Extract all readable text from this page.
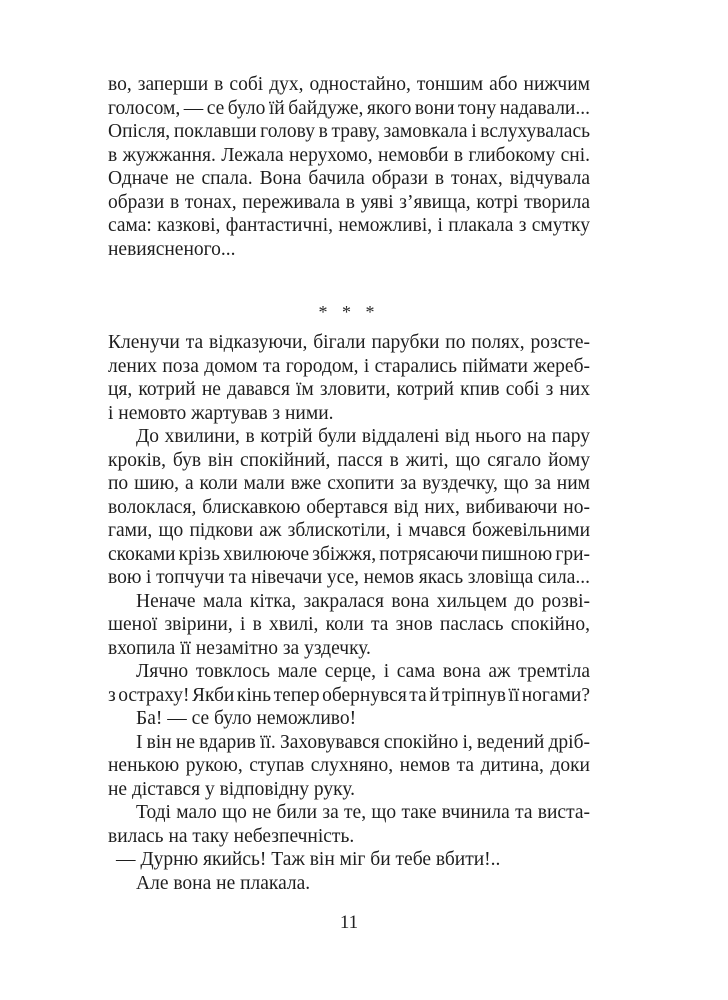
во, заперши в собі дух, одностайно, тоншим або нижчим
голосом, — се було їй байдуже, якого вони тону надавали...
Опісля, поклавши голову в траву, замовкала і вслухувалась
в жужжання. Лежала нерухомо, немовби в глибокому сні.
Одначе не спала. Вона бачила образи в тонах, відчувала
образи в тонах, переживала в уяві з’явища, котрі творила
сама: казкові, фантастичні, неможливі, і плакала з смутку
невиясненого...
* * *
Кленучи та відказуючи, бігали парубки по полях, розсте-
лених поза домом та городом, і старались піймати жереб-
ця, котрий не давався їм зловити, котрий кпив собі з них
і немовто жартував з ними.
До хвилини, в котрій були віддалені від нього на пару
кроків, був він спокійний, пасся в житі, що сягало йому
по шию, а коли мали вже схопити за вуздечку, що за ним
волоклася, блискавкою обертався від них, вибиваючи но-
гами, що підкови аж зблискотіли, і мчався божевільними
скоками крізь хвилююче збіжжя, потрясаючи пишною гри-
вою і топчучи та нівечачи усе, немов якась зловіща сила...
Неначе мала кітка, закралася вона хильцем до розві-
шеної звірини, і в хвилі, коли та знов паслась спокійно,
вхопила її незамітно за уздечку.
Лячно товклось мале серце, і сама вона аж тремтіла
з остраху! Якби кінь тепер обернувся та й тріпнув її ногами?
Ба! — се було неможливо!
І він не вдарив її. Заховувався спокійно і, ведений дріб-
ненькою рукою, ступав слухняно, немов та дитина, доки
не дістався у відповідну руку.
Тоді мало що не били за те, що таке вчинила та виста-
вилась на таку небезпечність.
— Дурню якийсь! Таж він міг би тебе вбити!..
Але вона не плакала.
11
